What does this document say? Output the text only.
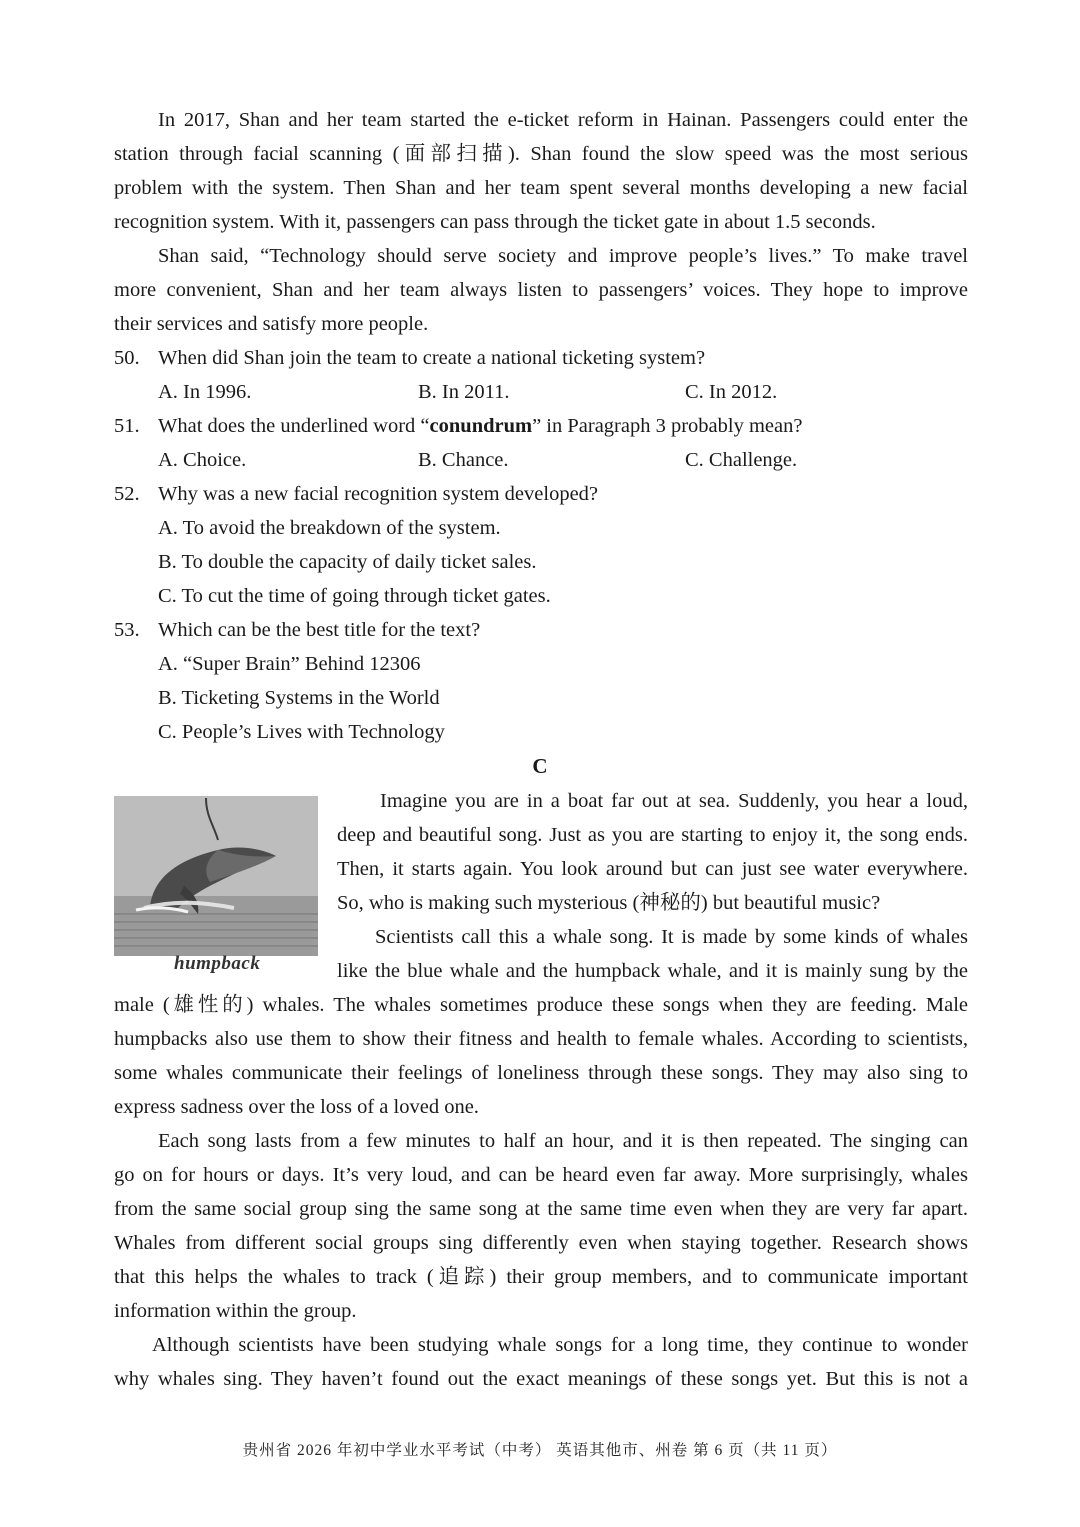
In 2017, Shan and her team started the e-ticket reform in Hainan. Passengers could enter the
station through facial scanning (面部扫描). Shan found the slow speed was the most serious
problem with the system. Then Shan and her team spent several months developing a new facial
recognition system. With it, passengers can pass through the ticket gate in about 1.5 seconds.
Shan said, “Technology should serve society and improve people’s lives.” To make travel
more convenient, Shan and her team always listen to passengers’ voices. They hope to improve
their services and satisfy more people.
50. When did Shan join the team to create a national ticketing system?
A. In 1996.	B. In 2011.	C. In 2012.
51. What does the underlined word “conundrum” in Paragraph 3 probably mean?
A. Choice.	B. Chance.	C. Challenge.
52. Why was a new facial recognition system developed?
A. To avoid the breakdown of the system.
B. To double the capacity of daily ticket sales.
C. To cut the time of going through ticket gates.
53. Which can be the best title for the text?
A. “Super Brain” Behind 12306
B. Ticketing Systems in the World
C. People’s Lives with Technology
C
humpback
Imagine you are in a boat far out at sea. Suddenly, you hear a loud,
deep and beautiful song. Just as you are starting to enjoy it, the song ends.
Then, it starts again. You look around but can just see water everywhere.
So, who is making such mysterious (神秘的) but beautiful music?
Scientists call this a whale song. It is made by some kinds of whales
like the blue whale and the humpback whale, and it is mainly sung by the
male (雄性的) whales. The whales sometimes produce these songs when they are feeding. Male
humpbacks also use them to show their fitness and health to female whales. According to scientists,
some whales communicate their feelings of loneliness through these songs. They may also sing to
express sadness over the loss of a loved one.
Each song lasts from a few minutes to half an hour, and it is then repeated. The singing can
go on for hours or days. It’s very loud, and can be heard even far away. More surprisingly, whales
from the same social group sing the same song at the same time even when they are very far apart.
Whales from different social groups sing differently even when staying together. Research shows
that this helps the whales to track (追踪) their group members, and to communicate important
information within the group.
Although scientists have been studying whale songs for a long time, they continue to wonder
why whales sing. They haven’t found out the exact meanings of these songs yet. But this is not a
贵州省 2026 年初中学业水平考试（中考） 英语其他市、州卷 第 6 页（共 11 页）
